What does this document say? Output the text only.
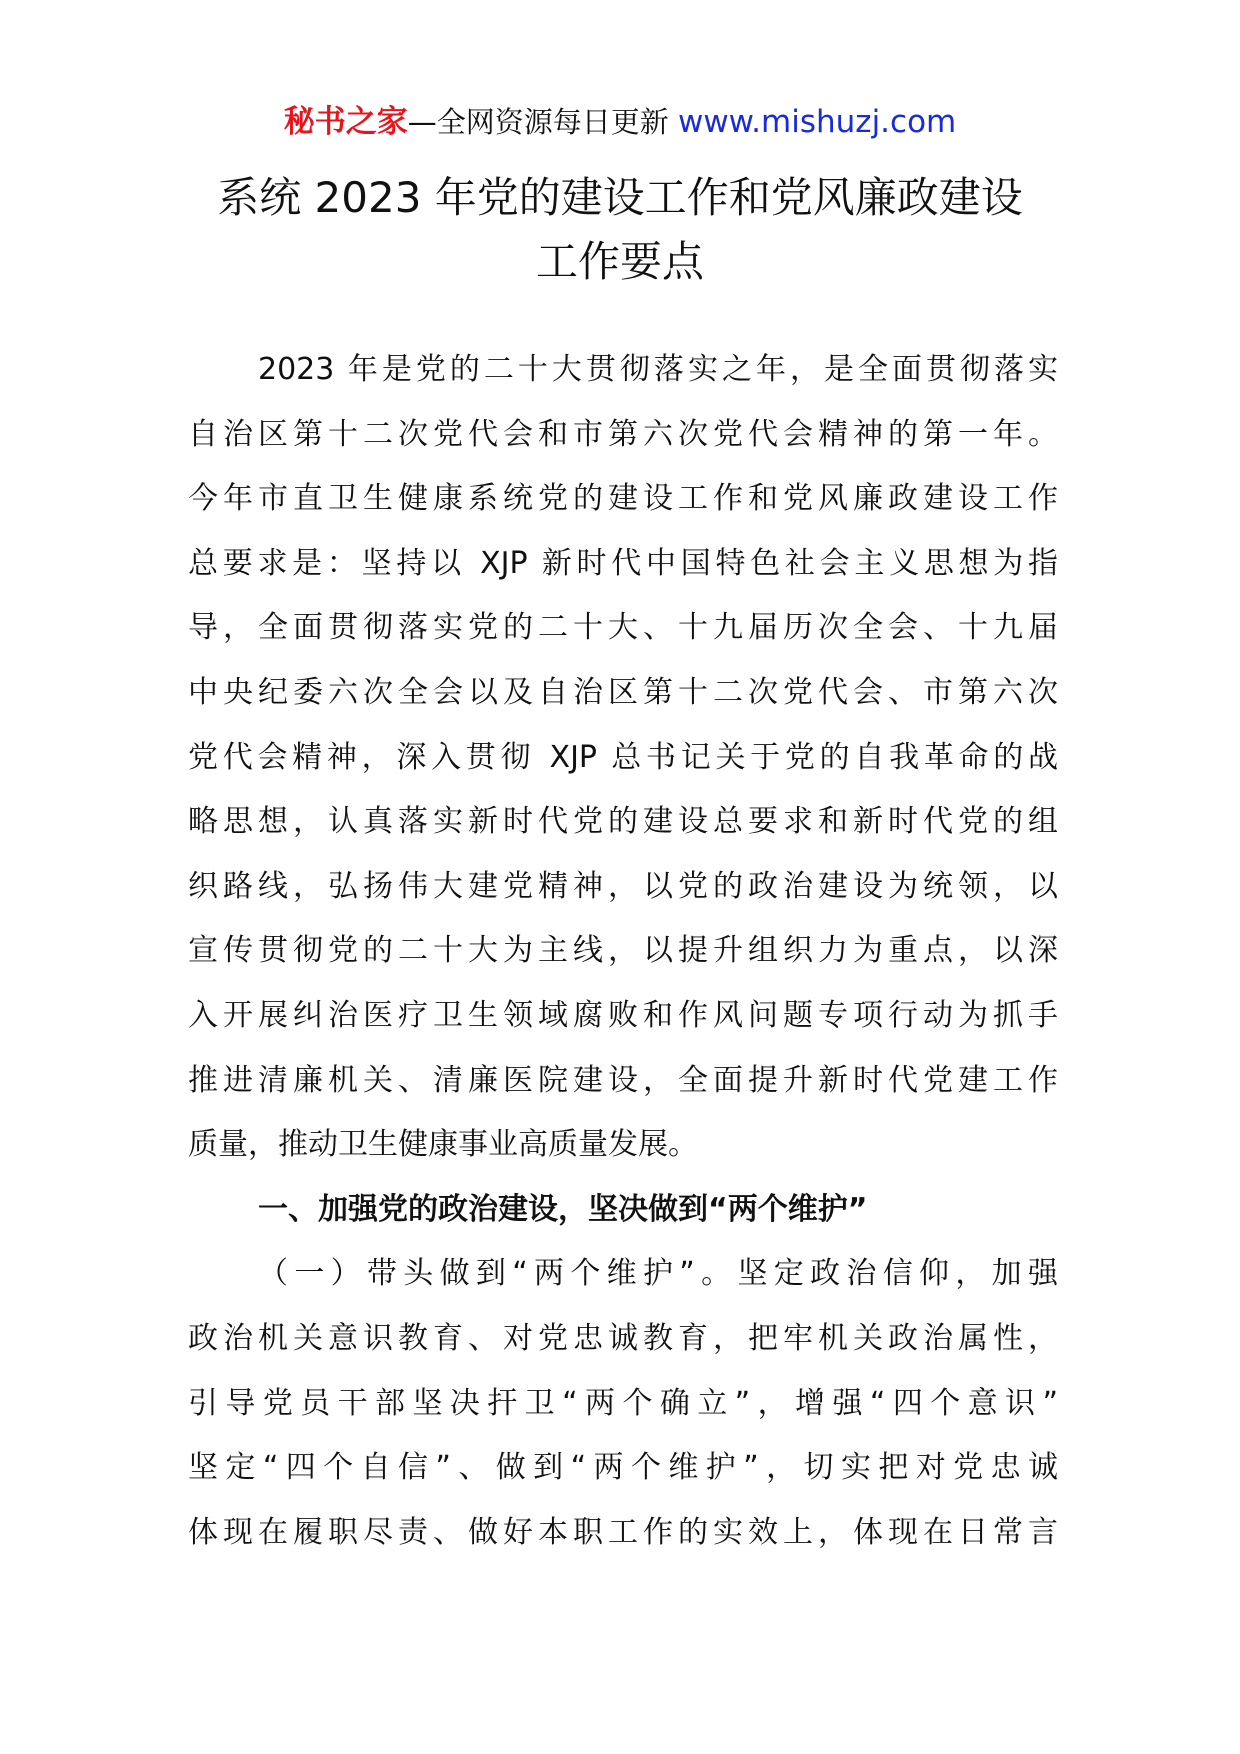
秘书之家—全网资源每日更新 www.mishuzj.com
系统 2023 年党的建设工作和党风廉政建设
工作要点
2023 年是党的二十大贯彻落实之年，是全面贯彻落实
自治区第十二次党代会和市第六次党代会精神的第一年。
今年市直卫生健康系统党的建设工作和党风廉政建设工作
总要求是：坚持以 XJP 新时代中国特色社会主义思想为指
导，全面贯彻落实党的二十大、十九届历次全会、十九届
中央纪委六次全会以及自治区第十二次党代会、市第六次
党代会精神，深入贯彻 XJP 总书记关于党的自我革命的战
略思想，认真落实新时代党的建设总要求和新时代党的组
织路线，弘扬伟大建党精神，以党的政治建设为统领，以
宣传贯彻党的二十大为主线，以提升组织力为重点，以深
入开展纠治医疗卫生领域腐败和作风问题专项行动为抓手
推进清廉机关、清廉医院建设，全面提升新时代党建工作
质量，推动卫生健康事业高质量发展。
一、加强党的政治建设，坚决做到“两个维护”
（一）带头做到“两个维护”。坚定政治信仰，加强
政治机关意识教育、对党忠诚教育，把牢机关政治属性，
引导党员干部坚决扞卫“两个确立”，增强“四个意识”
坚定“四个自信”、做到“两个维护”，切实把对党忠诚
体现在履职尽责、做好本职工作的实效上，体现在日常言
